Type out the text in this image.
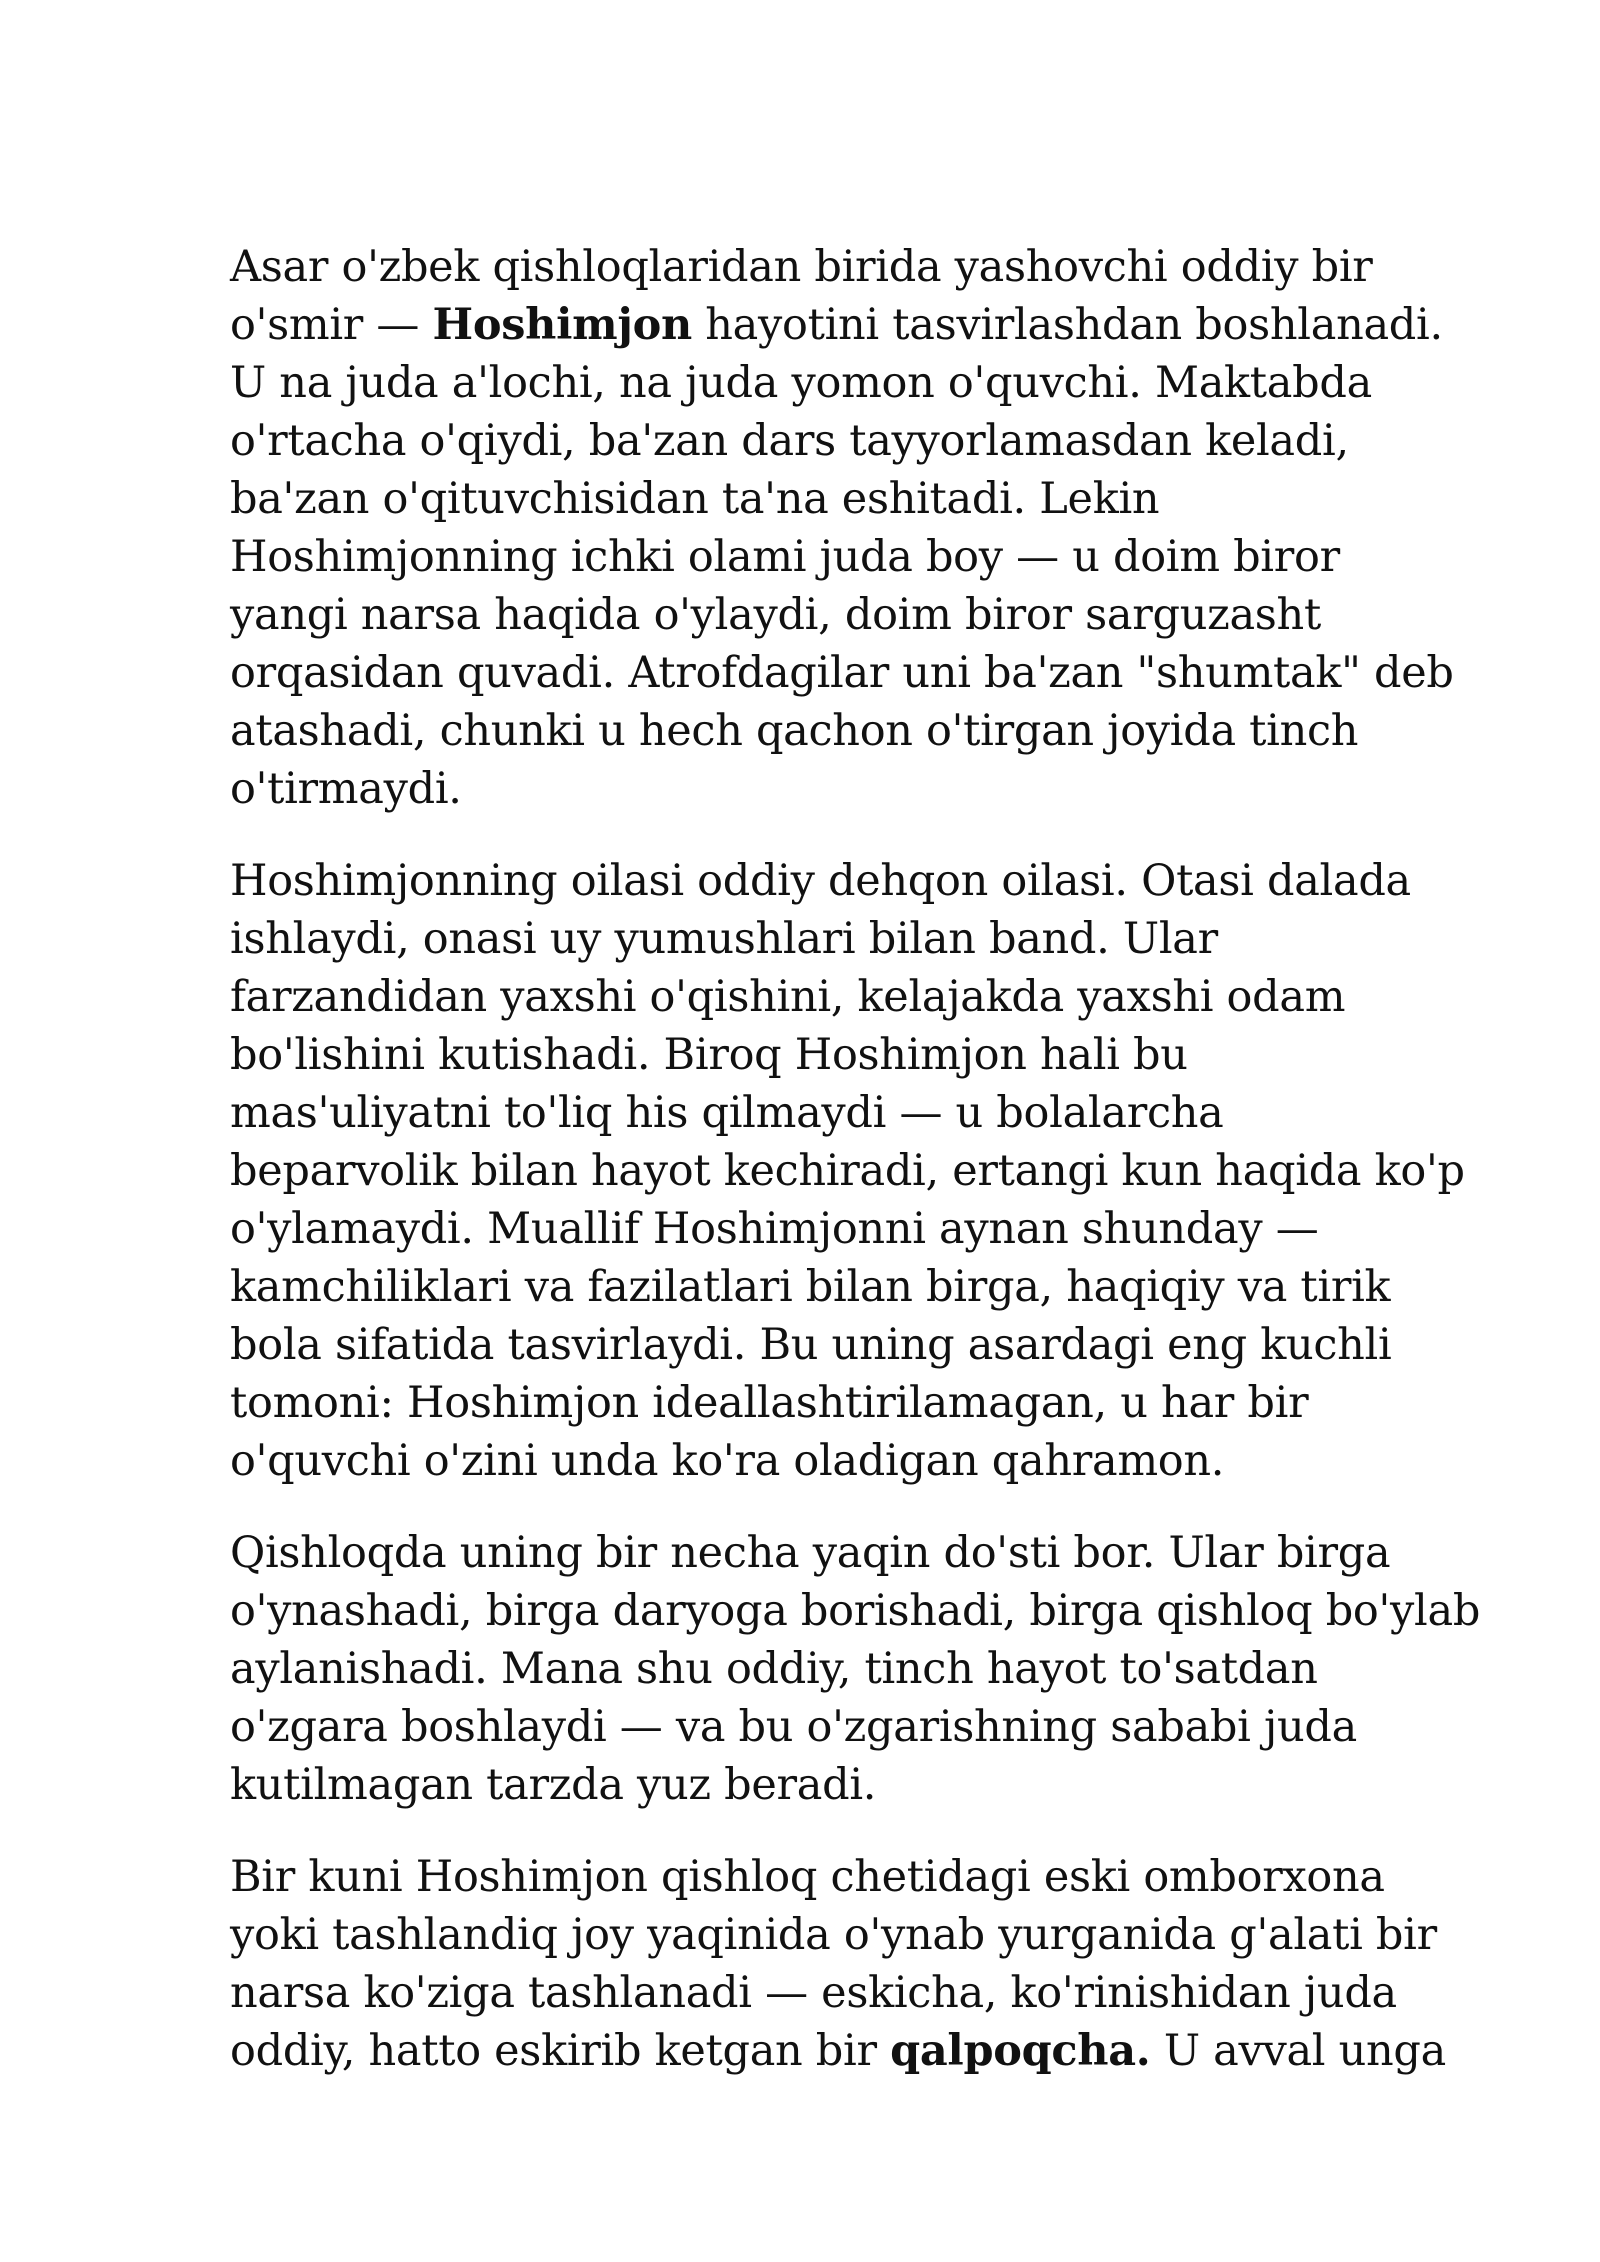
Asar o'zbek qishloqlaridan birida yashovchi oddiy bir
o'smir — Hoshimjon hayotini tasvirlashdan boshlanadi.
U na juda a'lochi, na juda yomon o'quvchi. Maktabda
o'rtacha o'qiydi, ba'zan dars tayyorlamasdan keladi,
ba'zan o'qituvchisidan ta'na eshitadi. Lekin
Hoshimjonning ichki olami juda boy — u doim biror
yangi narsa haqida o'ylaydi, doim biror sarguzasht
orqasidan quvadi. Atrofdagilar uni ba'zan "shumtak" deb
atashadi, chunki u hech qachon o'tirgan joyida tinch
o'tirmaydi.
Hoshimjonning oilasi oddiy dehqon oilasi. Otasi dalada
ishlaydi, onasi uy yumushlari bilan band. Ular
farzandidan yaxshi o'qishini, kelajakda yaxshi odam
bo'lishini kutishadi. Biroq Hoshimjon hali bu
mas'uliyatni to'liq his qilmaydi — u bolalarcha
beparvolik bilan hayot kechiradi, ertangi kun haqida ko'p
o'ylamaydi. Muallif Hoshimjonni aynan shunday —
kamchiliklari va fazilatlari bilan birga, haqiqiy va tirik
bola sifatida tasvirlaydi. Bu uning asardagi eng kuchli
tomoni: Hoshimjon ideallashtirilamagan, u har bir
o'quvchi o'zini unda ko'ra oladigan qahramon.
Qishloqda uning bir necha yaqin do'sti bor. Ular birga
o'ynashadi, birga daryoga borishadi, birga qishloq bo'ylab
aylanishadi. Mana shu oddiy, tinch hayot to'satdan
o'zgara boshlaydi — va bu o'zgarishning sababi juda
kutilmagan tarzda yuz beradi.
Bir kuni Hoshimjon qishloq chetidagi eski omborxona
yoki tashlandiq joy yaqinida o'ynab yurganida g'alati bir
narsa ko'ziga tashlanadi — eskicha, ko'rinishidan juda
oddiy, hatto eskirib ketgan bir qalpoqcha. U avval unga
